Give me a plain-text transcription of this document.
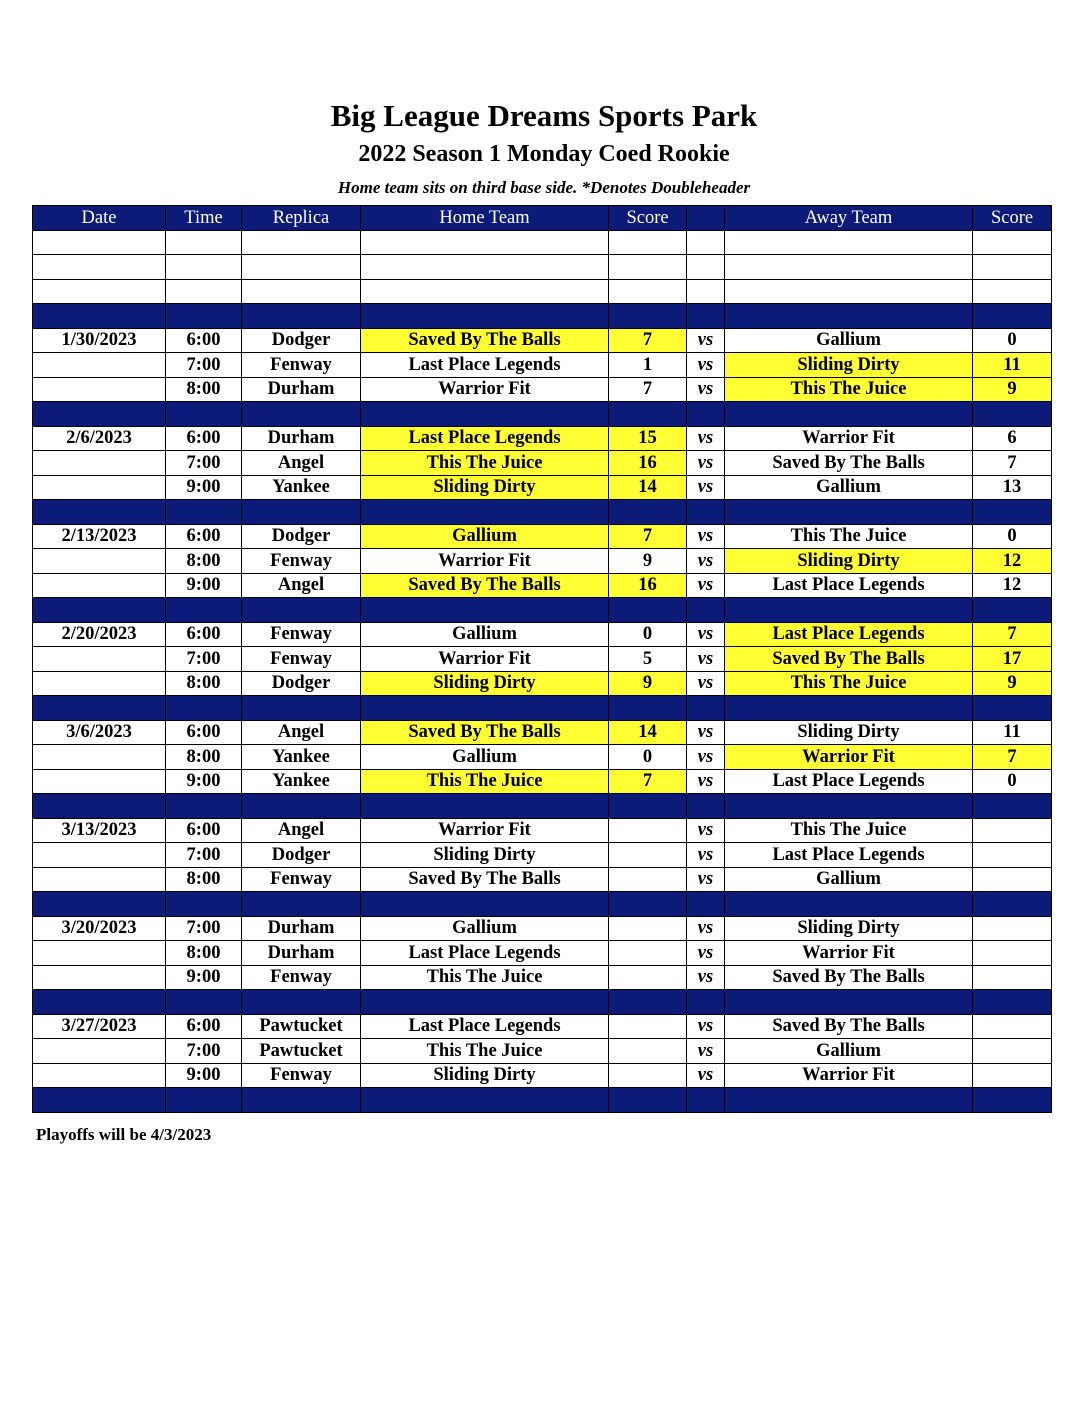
Big League Dreams Sports Park
2022 Season 1 Monday Coed Rookie
Home team sits on third base side. *Denotes Doubleheader
Date	Time	Replica	Home Team	Score		Away Team	Score

1/30/2023	6:00	Dodger	Saved By The Balls	7	vs	Gallium	0
	7:00	Fenway	Last Place Legends	1	vs	Sliding Dirty	11
	8:00	Durham	Warrior Fit	7	vs	This The Juice	9

2/6/2023	6:00	Durham	Last Place Legends	15	vs	Warrior Fit	6
	7:00	Angel	This The Juice	16	vs	Saved By The Balls	7
	9:00	Yankee	Sliding Dirty	14	vs	Gallium	13

2/13/2023	6:00	Dodger	Gallium	7	vs	This The Juice	0
	8:00	Fenway	Warrior Fit	9	vs	Sliding Dirty	12
	9:00	Angel	Saved By The Balls	16	vs	Last Place Legends	12

2/20/2023	6:00	Fenway	Gallium	0	vs	Last Place Legends	7
	7:00	Fenway	Warrior Fit	5	vs	Saved By The Balls	17
	8:00	Dodger	Sliding Dirty	9	vs	This The Juice	9

3/6/2023	6:00	Angel	Saved By The Balls	14	vs	Sliding Dirty	11
	8:00	Yankee	Gallium	0	vs	Warrior Fit	7
	9:00	Yankee	This The Juice	7	vs	Last Place Legends	0

3/13/2023	6:00	Angel	Warrior Fit		vs	This The Juice	
	7:00	Dodger	Sliding Dirty		vs	Last Place Legends	
	8:00	Fenway	Saved By The Balls		vs	Gallium	

3/20/2023	7:00	Durham	Gallium		vs	Sliding Dirty	
	8:00	Durham	Last Place Legends		vs	Warrior Fit	
	9:00	Fenway	This The Juice		vs	Saved By The Balls	

3/27/2023	6:00	Pawtucket	Last Place Legends		vs	Saved By The Balls	
	7:00	Pawtucket	This The Juice		vs	Gallium	
	9:00	Fenway	Sliding Dirty		vs	Warrior Fit	

Playoffs will be 4/3/2023
